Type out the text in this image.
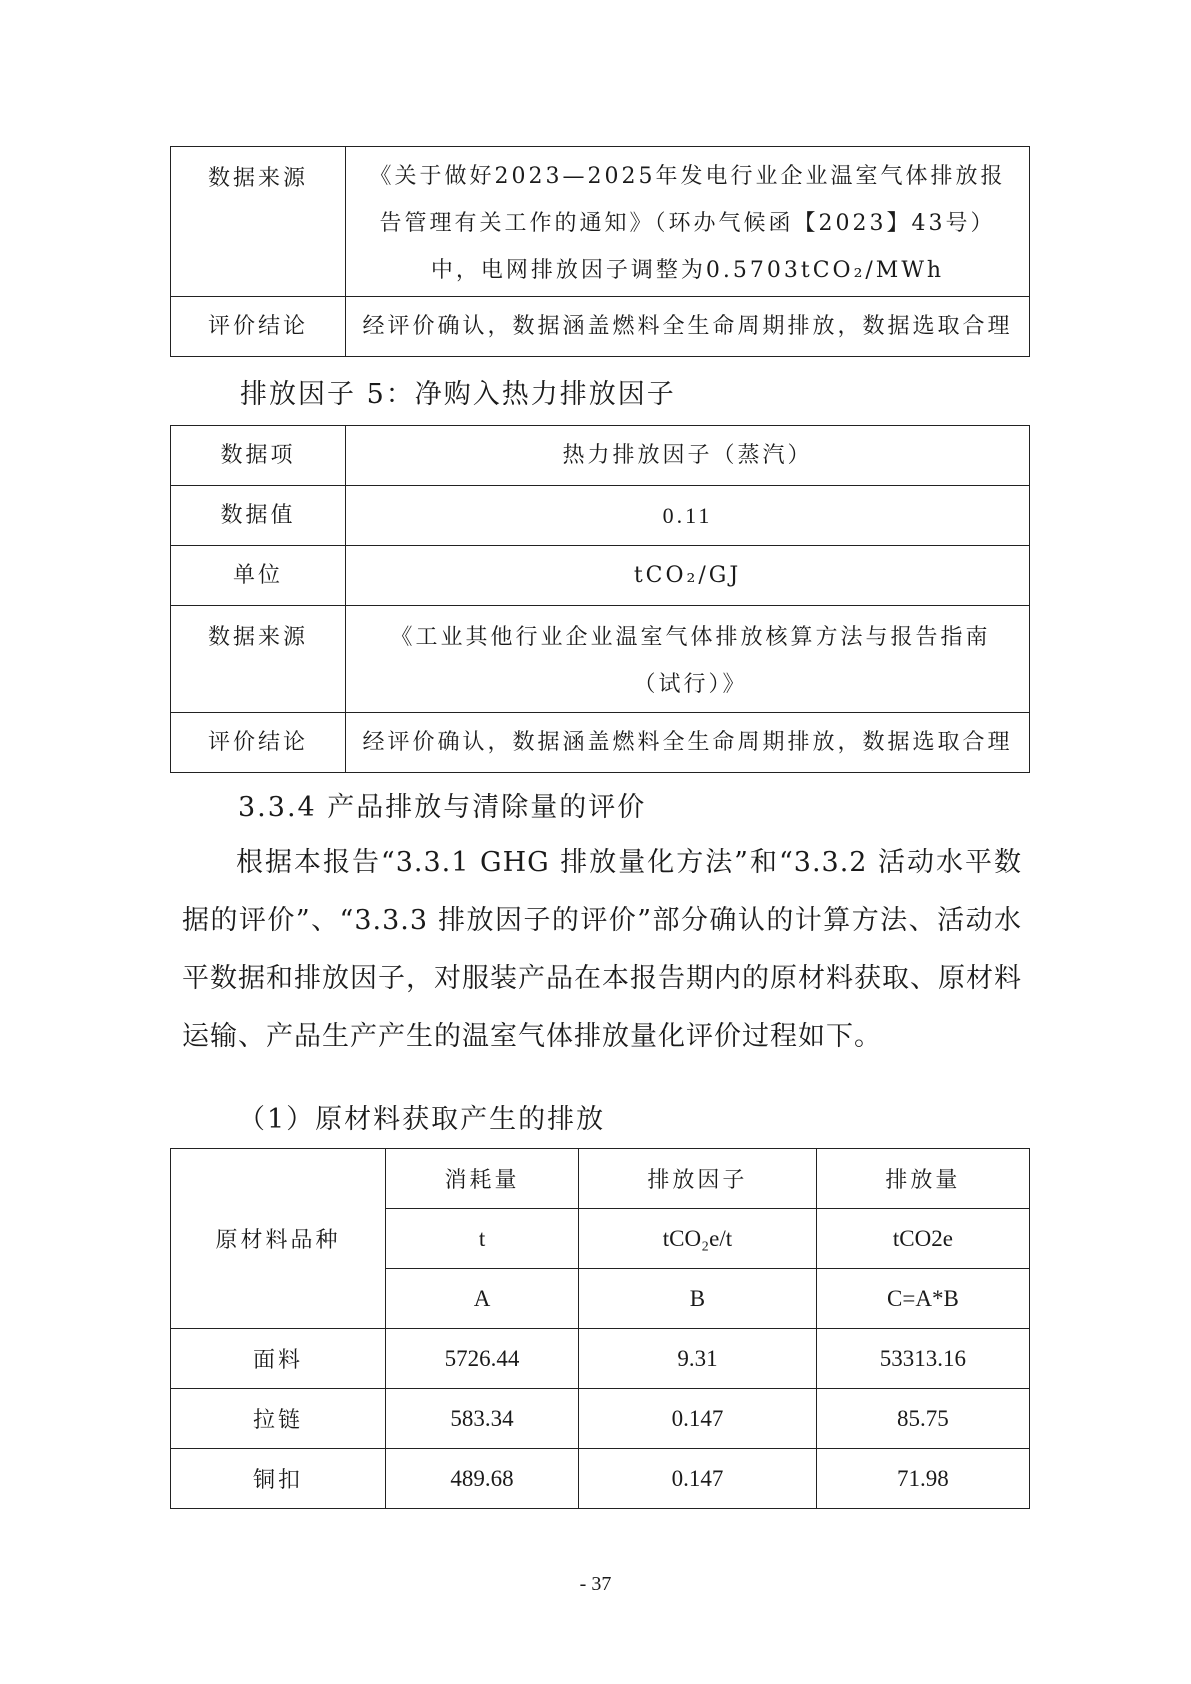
数据来源	《关于做好2023—2025年发电行业企业温室气体排放报告管理有关工作的通知》（环办气候函【2023】43号）中，电网排放因子调整为0.5703tCO₂/MWh
评价结论	经评价确认，数据涵盖燃料全生命周期排放，数据选取合理
排放因子 5：净购入热力排放因子
数据项	热力排放因子（蒸汽）
数据值	0.11
单位	tCO₂/GJ
数据来源	《工业其他行业企业温室气体排放核算方法与报告指南（试行）》
评价结论	经评价确认，数据涵盖燃料全生命周期排放，数据选取合理
3.3.4 产品排放与清除量的评价
根据本报告“3.3.1 GHG 排放量化方法”和“3.3.2 活动水平数据的评价”、“3.3.3 排放因子的评价”部分确认的计算方法、活动水平数据和排放因子，对服装产品在本报告期内的原材料获取、原材料运输、产品生产产生的温室气体排放量化评价过程如下。
（1）原材料获取产生的排放
原材料品种	消耗量	排放因子	排放量
	t	tCO₂e/t	tCO2e
	A	B	C=A*B
面料	5726.44	9.31	53313.16
拉链	583.34	0.147	85.75
铜扣	489.68	0.147	71.98
- 37
